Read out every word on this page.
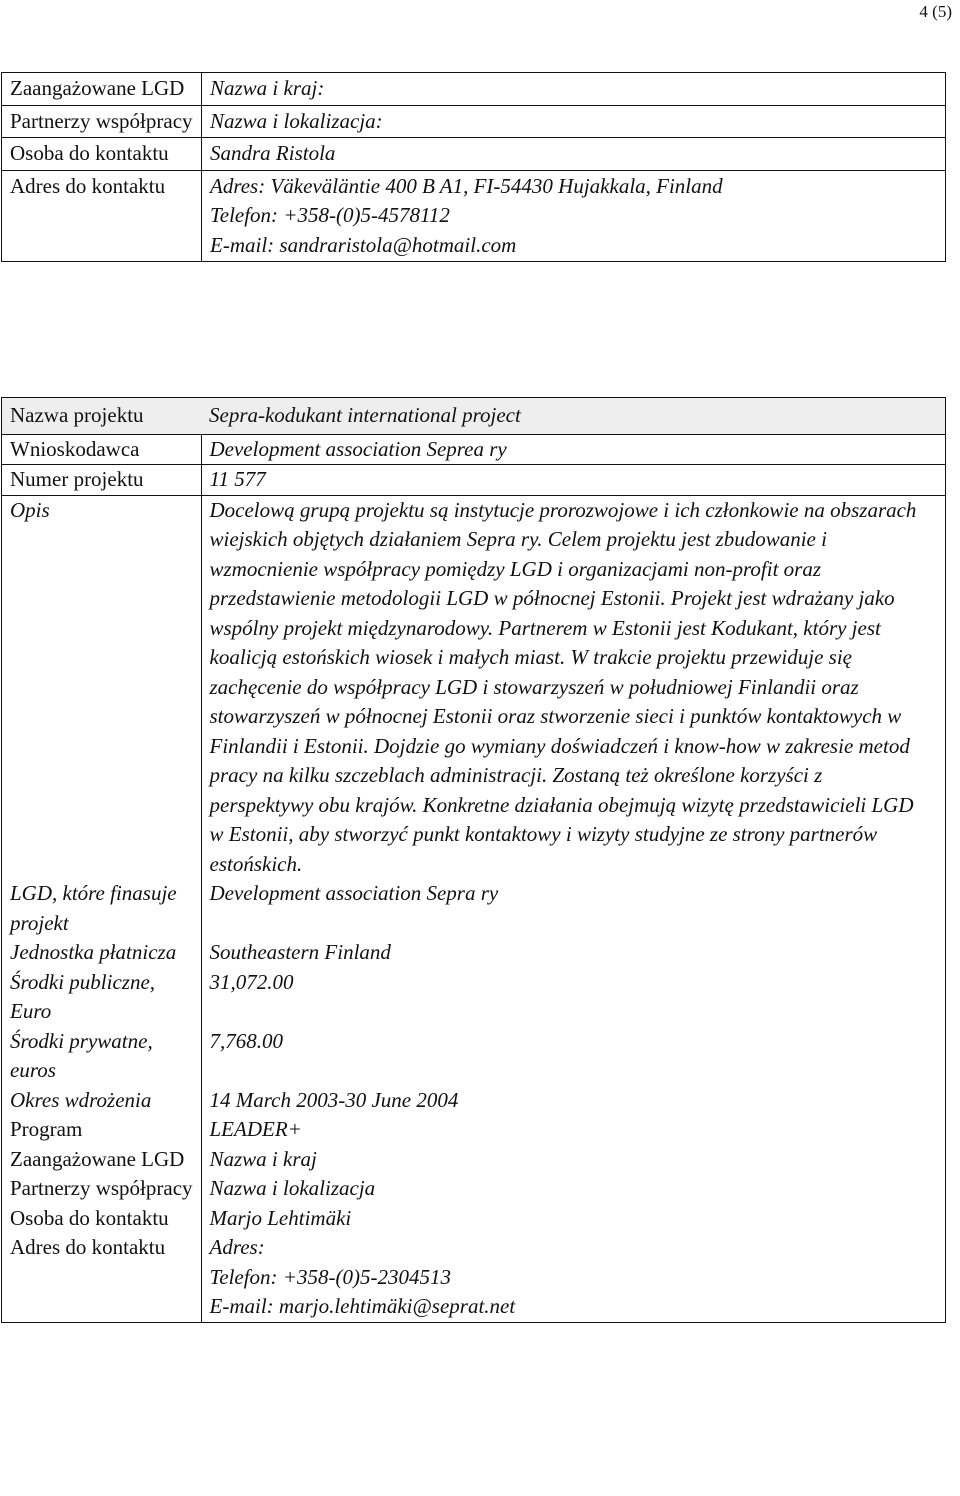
4 (5)
Zaangażowane LGD	Nazwa i kraj:
Partnerzy współpracy	Nazwa i lokalizacja:
Osoba do kontaktu	Sandra Ristola
Adres do kontaktu	Adres: Väkeväläntie 400 B A1, FI-54430 Hujakkala, Finland
Telefon: +358-(0)5-4578112
E-mail: sandraristola@hotmail.com
Nazwa projektu	Sepra-kodukant international project
Wnioskodawca	Development association Seprea ry
Numer projektu	11 577
Opis	Docelową grupą projektu są instytucje prorozwojowe i ich członkowie na obszarach wiejskich objętych działaniem Sepra ry. Celem projektu jest zbudowanie i wzmocnienie współpracy pomiędzy LGD i organizacjami non-profit oraz przedstawienie metodologii LGD w północnej Estonii. Projekt jest wdrażany jako wspólny projekt międzynarodowy. Partnerem w Estonii jest Kodukant, który jest koalicją estońskich wiosek i małych miast. W trakcie projektu przewiduje się zachęcenie do współpracy LGD i stowarzyszeń w południowej Finlandii oraz stowarzyszeń w północnej Estonii oraz stworzenie sieci i punktów kontaktowych w Finlandii i Estonii. Dojdzie go wymiany doświadczeń i know-how w zakresie metod pracy na kilku szczeblach administracji. Zostaną też określone korzyści z perspektywy obu krajów. Konkretne działania obejmują wizytę przedstawicieli LGD w Estonii, aby stworzyć punkt kontaktowy i wizyty studyjne ze strony partnerów estońskich.
LGD, które finasuje projekt	Development association Sepra ry
Jednostka płatnicza	Southeastern Finland
Środki publiczne, Euro	31,072.00
Środki prywatne, euros	7,768.00
Okres wdrożenia	14 March 2003-30 June 2004
Program	LEADER+
Zaangażowane LGD	Nazwa i kraj
Partnerzy współpracy	Nazwa i lokalizacja
Osoba do kontaktu	Marjo Lehtimäki
Adres do kontaktu	Adres:
Telefon: +358-(0)5-2304513
E-mail: marjo.lehtimäki@seprat.net
